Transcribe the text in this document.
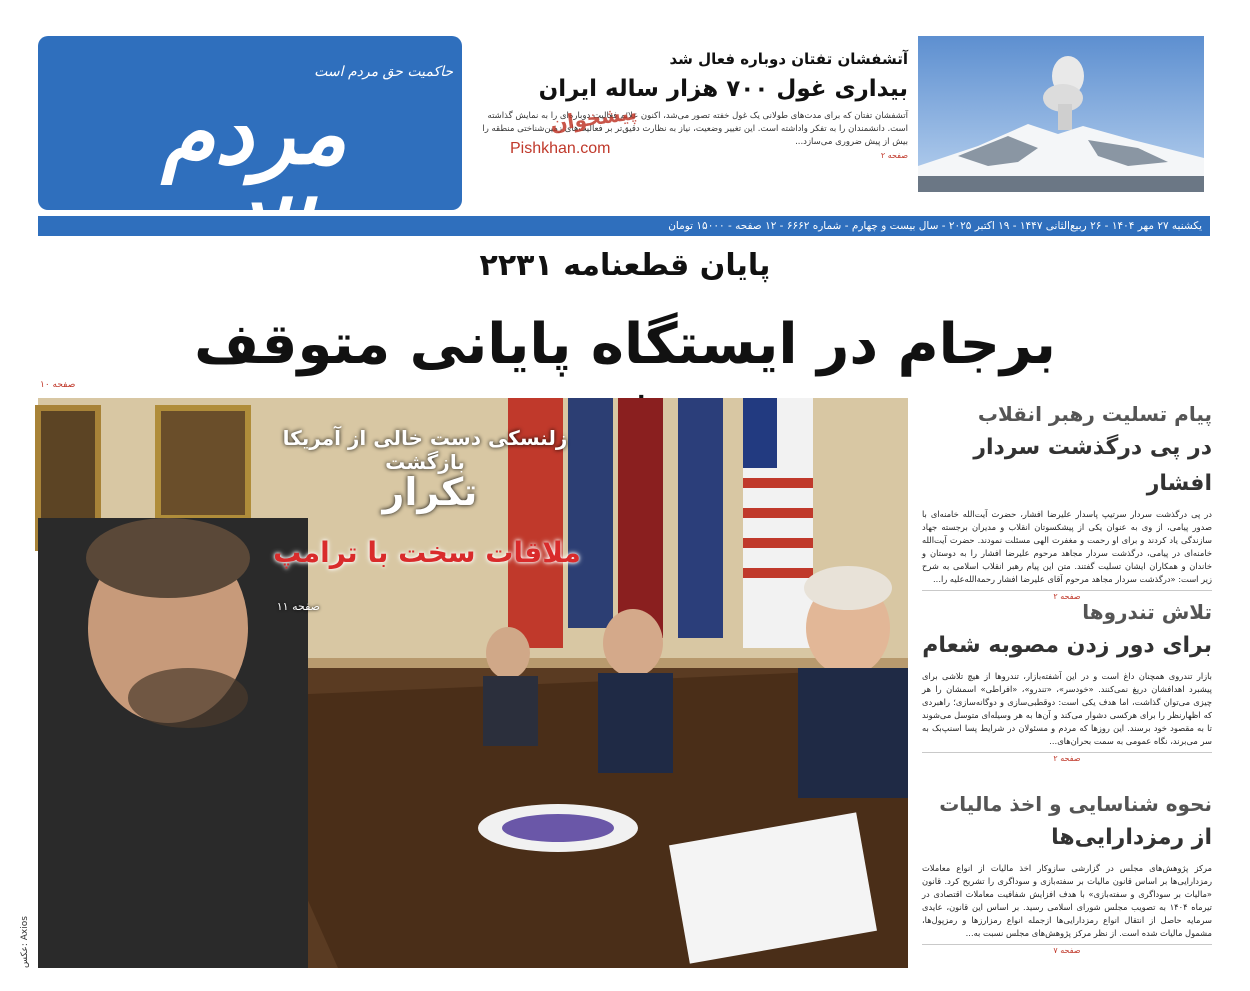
حاکمیت حق مردم است
مردم
آتشفشان تفتان دوباره فعال شد
بیداری غول ۷۰۰ هزار ساله ایران
آتشفشان تفتان که برای مدت‌های طولانی یک غول خفته تصور می‌شد، اکنون علائم فعالیت دوباره‌ای را به نمایش گذاشته است. دانشمندان را به تفکر واداشته است. این تغییر وضعیت، نیاز به نظارت دقیق‌تر بر فعالیت‌های زمین‌شناختی منطقه را بیش از پیش ضروری می‌سازد...
صفحه ۲
پیشخوان
Pishkhan.com
یکشنبه ۲۷ مهر ۱۴۰۴ - ۲۶ ربیع‌الثانی ۱۴۴۷ - ۱۹ اکتبر ۲۰۲۵ - سال بیست و چهارم - شماره ۶۶۶۲ - ۱۲ صفحه - ۱۵۰۰۰ تومان
پایان قطعنامه ۲۲۳۱
برجام در ایستگاه پایانی متوقف
صفحه ۱۰
زلنسکی دست خالی از آمریکا بازگشت
تکرار
ملاقات سخت با ترامپ
صفحه ۱۱
عکس: Axios
پیام تسلیت رهبر انقلاب
در پی درگذشت سردار افشار
در پی درگذشت سردار سرتیپ پاسدار علیرضا افشار، حضرت آیت‌الله خامنه‌ای با صدور پیامی، از وی به عنوان یکی از پیشکسوتان انقلاب و مدیران برجسته جهاد سازندگی یاد کردند و برای او رحمت و مغفرت الهی مسئلت نمودند. حضرت آیت‌الله خامنه‌ای در پیامی، درگذشت سردار مجاهد مرحوم علیرضا افشار را به دوستان و خاندان و همکاران ایشان تسلیت گفتند. متن این پیام رهبر انقلاب اسلامی به شرح زیر است: «درگذشت سردار مجاهد مرحوم آقای علیرضا افشار رحمةالله‌علیه را...
صفحه ۲
تلاش تندروها
برای دور زدن مصوبه شعام
بازار تندروی همچنان داغ است و در این آشفته‌بازار، تندروها از هیچ تلاشی برای پیشبرد اهدافشان دریغ نمی‌کنند. «خودسر»، «تندرو»، «افراطی» اسمشان را هر چیزی می‌توان گذاشت، اما هدف یکی است: دوقطبی‌سازی و دوگانه‌سازی؛ راهبردی که اظهارنظر را برای هرکسی دشوار می‌کند و آن‌ها به هر وسیله‌ای متوسل می‌شوند تا به مقصود خود برسند. این روزها که مردم و مسئولان در شرایط پسا اسنپ‌بک به سر می‌برند، نگاه عمومی به سمت بحران‌های...
صفحه ۲
نحوه شناسایی و اخذ مالیات
از رمزدارایی‌ها
مرکز پژوهش‌های مجلس در گزارشی سازوکار اخذ مالیات از انواع معاملات رمزدارایی‌ها بر اساس قانون مالیات بر سفته‌بازی و سوداگری را تشریح کرد. قانون «مالیات بر سوداگری و سفته‌بازی» با هدف افزایش شفافیت معاملات اقتصادی در تیرماه ۱۴۰۴ به تصویب مجلس شورای اسلامی رسید. بر اساس این قانون، عایدی سرمایه حاصل از انتقال انواع رمزدارایی‌ها ازجمله انواع رمزارزها و رمزپول‌ها، مشمول مالیات شده است. از نظر مرکز پژوهش‌های مجلس نسبت به...
صفحه ۷
